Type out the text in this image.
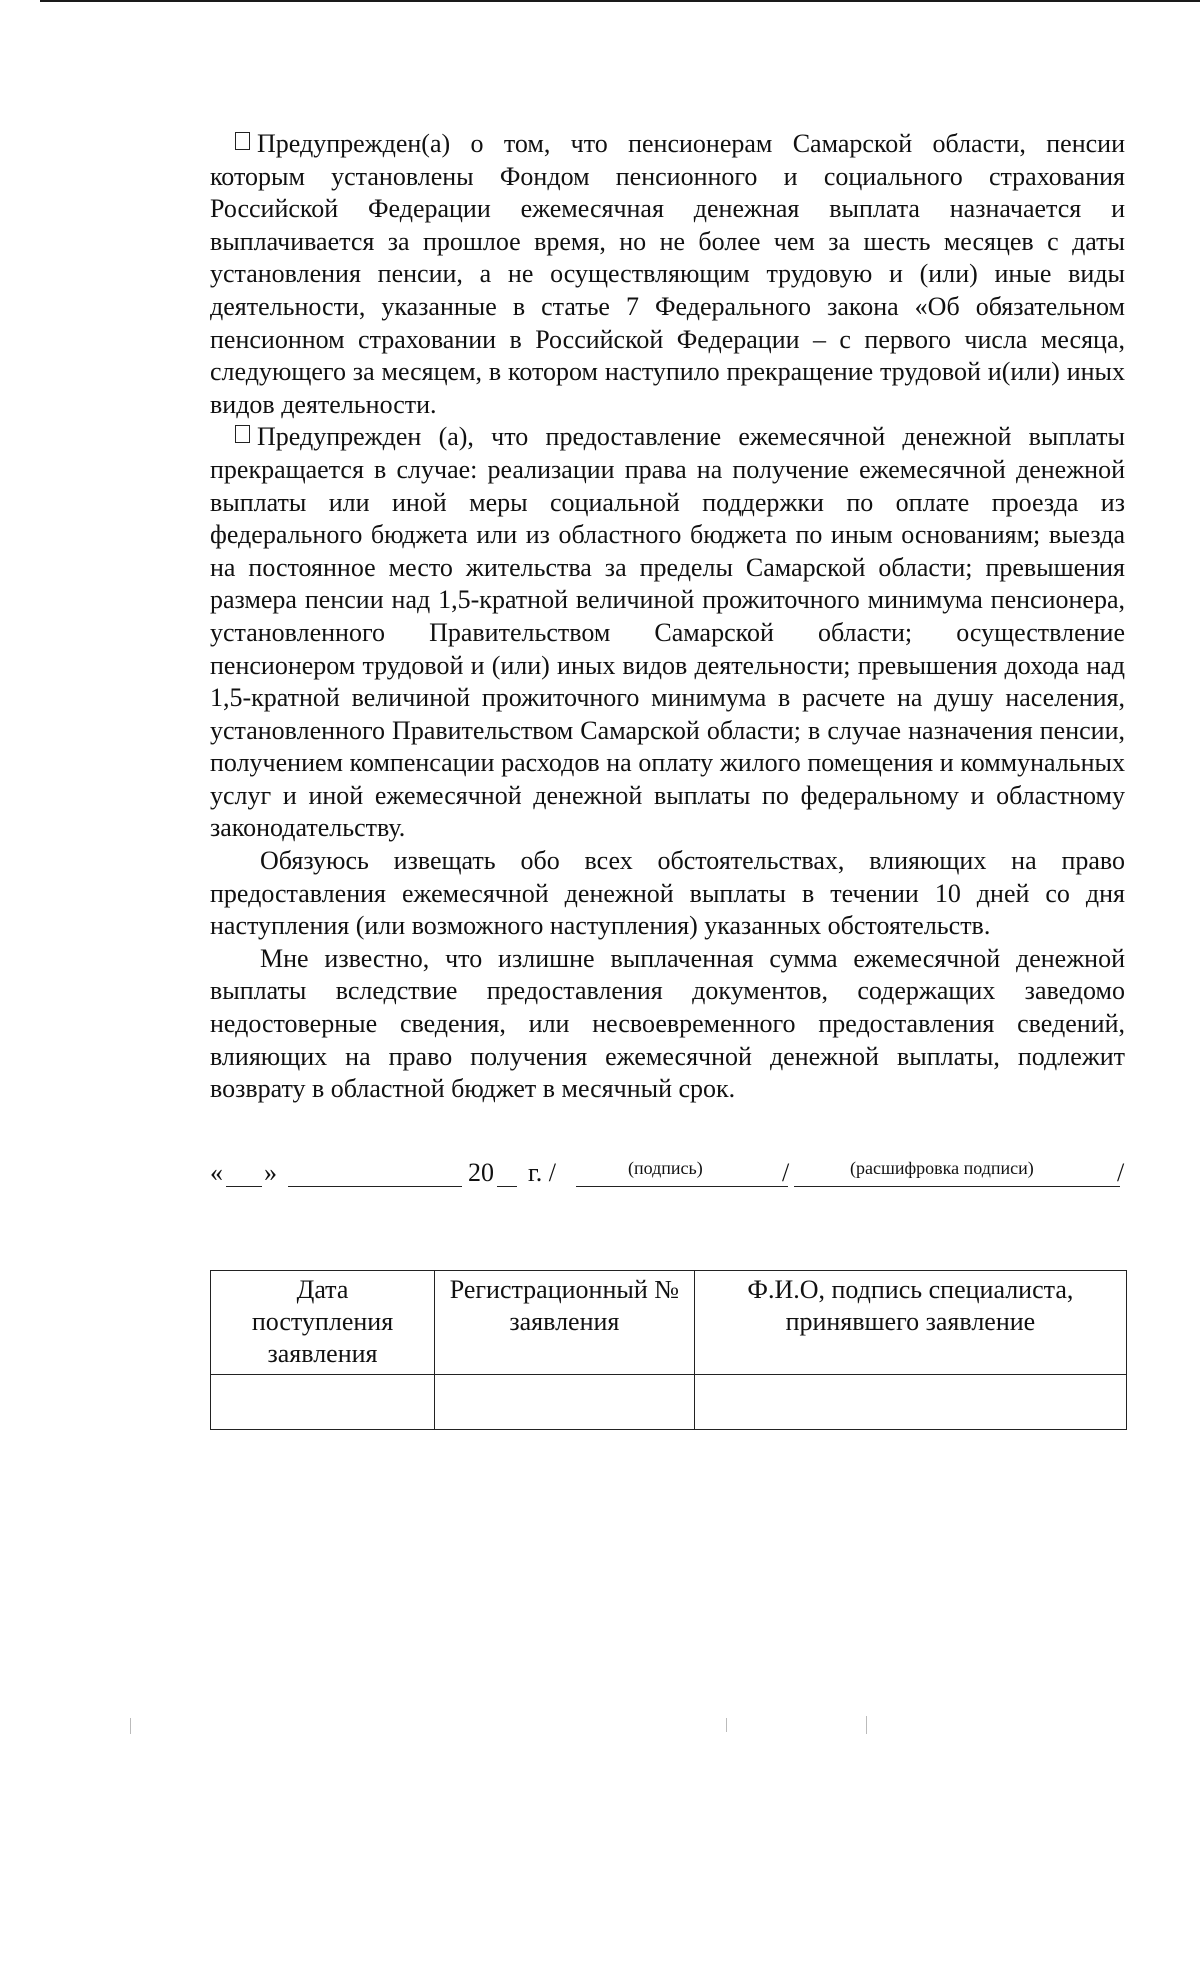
Предупрежден(а) о том, что пенсионерам Самарской области, пенсии которым установлены Фондом пенсионного и социального страхования Российской Федерации ежемесячная денежная выплата назначается и выплачивается за прошлое время, но не более чем за шесть месяцев с даты установления пенсии, а не осуществляющим трудовую и (или) иные виды деятельности, указанные в статье 7 Федерального закона «Об обязательном пенсионном страховании в Российской Федерации – с первого числа месяца, следующего за месяцем, в котором наступило прекращение трудовой и(или) иных видов деятельности.

Предупрежден (а), что предоставление ежемесячной денежной выплаты прекращается в случае: реализации права на получение ежемесячной денежной выплаты или иной меры социальной поддержки по оплате проезда из федерального бюджета или из областного бюджета по иным основаниям; выезда на постоянное место жительства за пределы Самарской области; превышения размера пенсии над 1,5-кратной величиной прожиточного минимума пенсионера, установленного Правительством Самарской области; осуществление пенсионером трудовой и (или) иных видов деятельности; превышения дохода над 1,5-кратной величиной прожиточного минимума в расчете на душу населения, установленного Правительством Самарской области; в случае назначения пенсии, получением компенсации расходов на оплату жилого помещения и коммунальных услуг и иной ежемесячной денежной выплаты по федеральному и областному законодательству.

Обязуюсь извещать обо всех обстоятельствах, влияющих на право предоставления ежемесячной денежной выплаты в течении 10 дней со дня наступления (или возможного наступления) указанных обстоятельств.

Мне известно, что излишне выплаченная сумма ежемесячной денежной выплаты вследствие предоставления документов, содержащих заведомо недостоверные сведения, или несвоевременного предоставления сведений, влияющих на право получения ежемесячной денежной выплаты, подлежит возврату в областной бюджет в месячный срок.

« »	20 г. /	/	/
(подпись)	(расшифровка подписи)
Дата поступления заявления	Регистрационный № заявления	Ф.И.О, подпись специалиста, принявшего заявление
